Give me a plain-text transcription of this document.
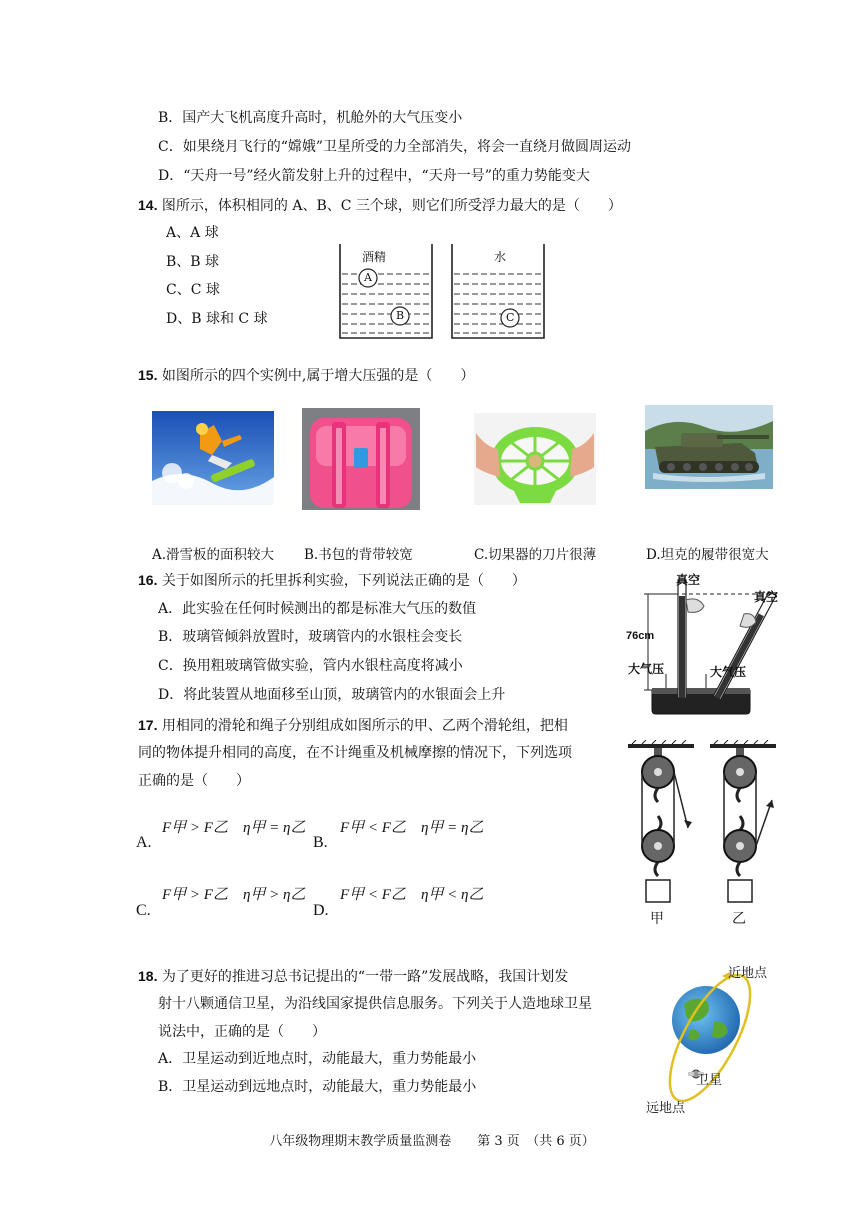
B．国产大飞机高度升高时，机舱外的大气压变小
C．如果绕月飞行的“嫦娥”卫星所受的力全部消失，将会一直绕月做圆周运动
D．“天舟一号”经火箭发射上升的过程中，“天舟一号”的重力势能变大
14. 图所示，体积相同的 A、B、C 三个球，则它们所受浮力最大的是（　　）
A、A 球
B、B 球
C、C 球
D、B 球和 C 球
酒精	水
A
B	C
15. 如图所示的四个实例中,属于增大压强的是（　　）
A.滑雪板的面积较大 B.书包的背带较宽	C.切果器的刀片很薄	D.坦克的履带很宽大
16. 关于如图所示的托里拆利实验，下列说法正确的是（　　）
A．此实验在任何时候测出的都是标准大气压的数值
B．玻璃管倾斜放置时，玻璃管内的水银柱会变长
C．换用粗玻璃管做实验，管内水银柱高度将减小
D．将此装置从地面移至山顶，玻璃管内的水银面会上升
真空
真空
76cm
大气压	大气压
17. 用相同的滑轮和绳子分别组成如图所示的甲、乙两个滑轮组，把相
同的物体提升相同的高度，在不计绳重及机械摩擦的情况下，下列选项
正确的是（　　）
F甲 > F乙　η甲 = η乙
A.
F甲 < F乙　η甲 = η乙
B.
F甲 > F乙　η甲 > η乙
C.
F甲 < F乙　η甲 < η乙
D.	甲	乙
18. 为了更好的推进习总书记提出的“一带一路”发展战略，我国计划发
射十八颗通信卫星，为沿线国家提供信息服务。下列关于人造地球卫星
说法中，正确的是（　　）
A．卫星运动到近地点时，动能最大，重力势能最小
B．卫星运动到远地点时，动能最大，重力势能最小
近地点
卫星
远地点
八年级物理期末教学质量监测卷　　 第 3 页　（共 6 页）
